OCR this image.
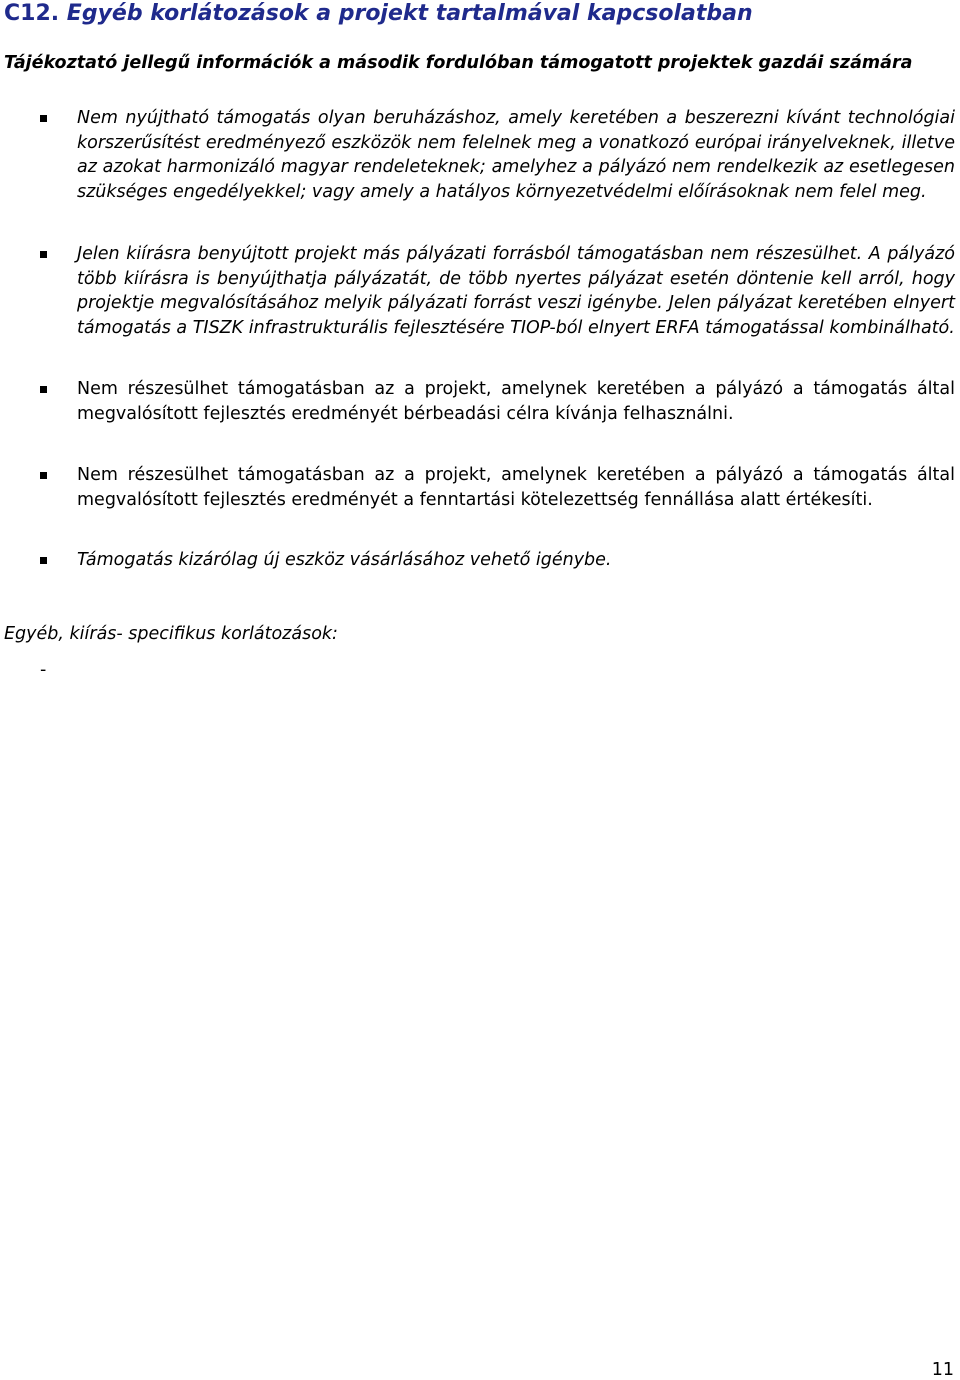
C12. Egyéb korlátozások a projekt tartalmával kapcsolatban

Tájékoztató jellegű információk a második fordulóban támogatott projektek gazdái számára

Nem nyújtható támogatás olyan beruházáshoz, amely keretében a beszerezni kívánt technológiai korszerűsítést eredményező eszközök nem felelnek meg a vonatkozó európai irányelveknek, illetve az azokat harmonizáló magyar rendeleteknek; amelyhez a pályázó nem rendelkezik az esetlegesen szükséges engedélyekkel; vagy amely a hatályos környezetvédelmi előírásoknak nem felel meg.
Jelen kiírásra benyújtott projekt más pályázati forrásból támogatásban nem részesülhet. A pályázó több kiírásra is benyújthatja pályázatát, de több nyertes pályázat esetén döntenie kell arról, hogy projektje megvalósításához melyik pályázati forrást veszi igénybe. Jelen pályázat keretében elnyert támogatás a TISZK infrastrukturális fejlesztésére TIOP-ból elnyert ERFA támogatással kombinálható.
Nem részesülhet támogatásban az a projekt, amelynek keretében a pályázó a támogatás által megvalósított fejlesztés eredményét bérbeadási célra kívánja felhasználni.
Nem részesülhet támogatásban az a projekt, amelynek keretében a pályázó a támogatás által megvalósított fejlesztés eredményét a fenntartási kötelezettség fennállása alatt értékesíti.
Támogatás kizárólag új eszköz vásárlásához vehető igénybe.

Egyéb, kiírás- specifikus korlátozások:

-

11
